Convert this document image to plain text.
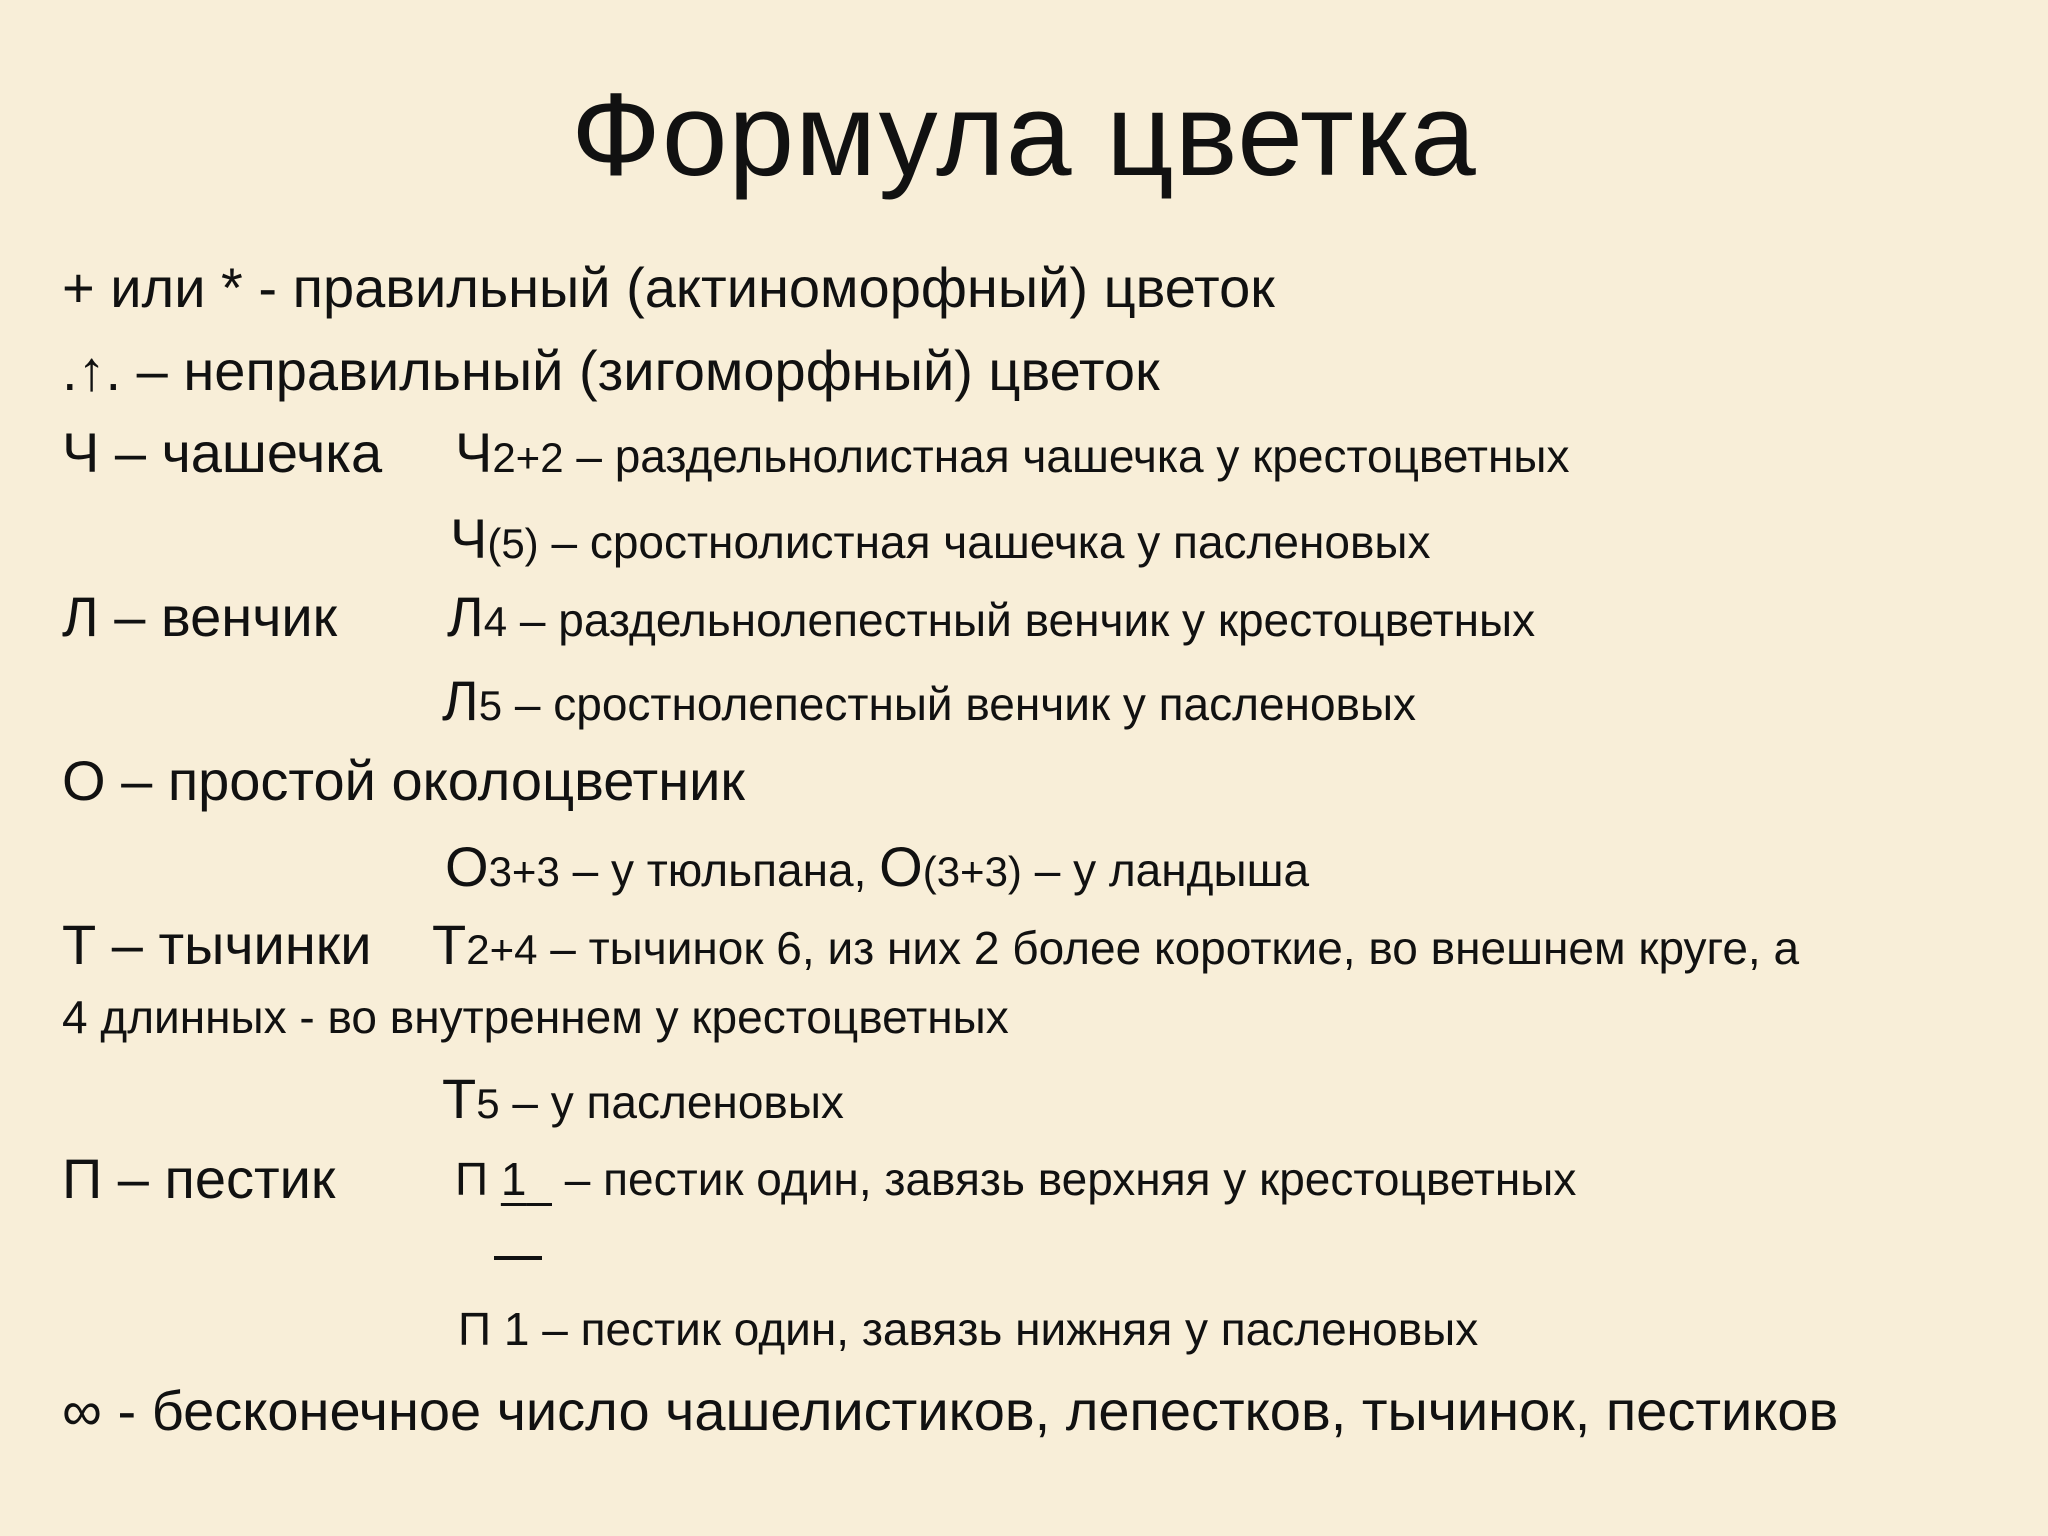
Формула цветка
+ или * - правильный (актиноморфный) цветок
.↑. – неправильный (зигоморфный) цветок
Ч – чашечка Ч2+2 – раздельнолистная чашечка у крестоцветных
Ч(5) – сростнолистная чашечка у пасленовых
Л – венчик Л4 – раздельнолепестный венчик у крестоцветных
Л5 – сростнолепестный венчик у пасленовых
О – простой околоцветник
О3+3 – у тюльпана, О(3+3) – у ландыша
Т – тычинки Т2+4 – тычинок 6, из них 2 более короткие, во внешнем круге, а
4 длинных - во внутреннем у крестоцветных
Т5 – у пасленовых
П – пестик	П 1   – пестик один, завязь верхняя у крестоцветных
П 1 – пестик один, завязь нижняя у пасленовых
∞ - бесконечное число чашелистиков, лепестков, тычинок, пестиков
